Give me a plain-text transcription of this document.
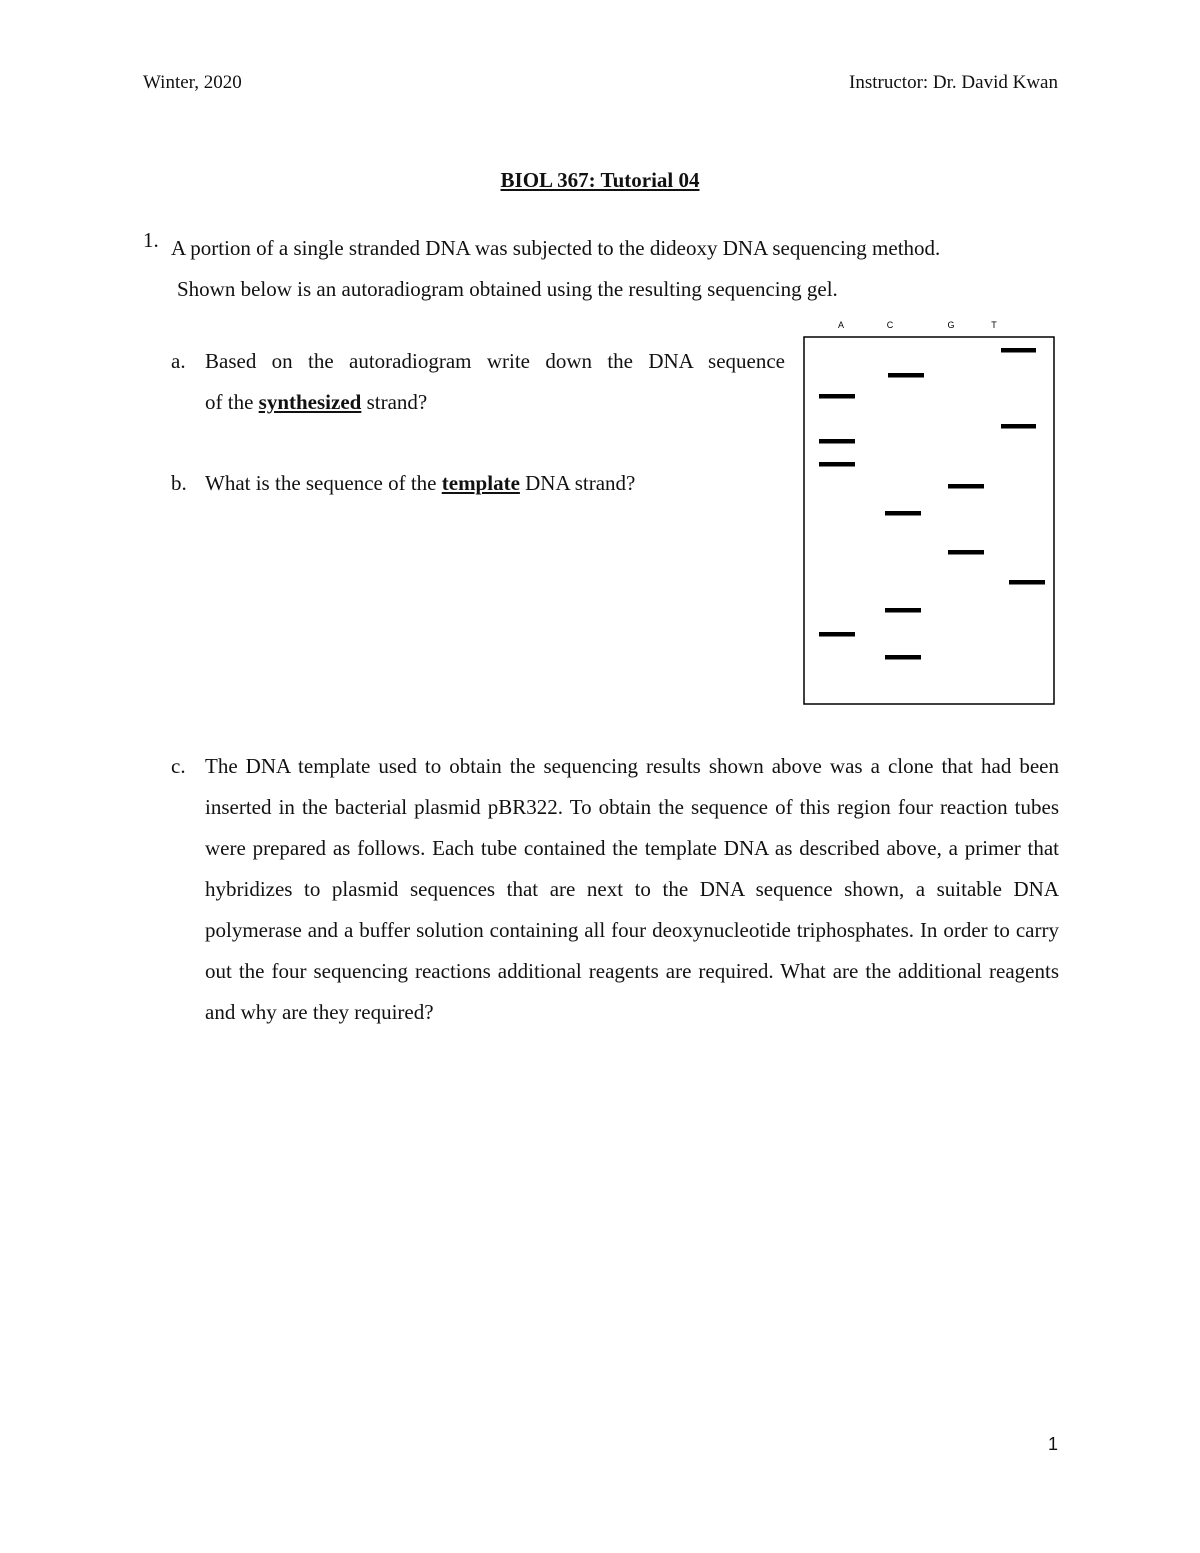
Winter, 2020	Instructor: Dr. David Kwan
BIOL 367: Tutorial 04
1. A portion of a single stranded DNA was subjected to the dideoxy DNA sequencing method.
Shown below is an autoradiogram obtained using the resulting sequencing gel.
a. Based on the autoradiogram write down the DNA sequence
of the synthesized strand?
b. What is the sequence of the template DNA strand?
A	C	G	T
c. The DNA template used to obtain the sequencing results shown above was a clone that had been inserted in the bacterial plasmid pBR322. To obtain the sequence of this region four reaction tubes were prepared as follows. Each tube contained the template DNA as described above, a primer that hybridizes to plasmid sequences that are next to the DNA sequence shown, a suitable DNA polymerase and a buffer solution containing all four deoxynucleotide triphosphates. In order to carry out the four sequencing reactions additional reagents are required. What are the additional reagents and why are they required?
1
